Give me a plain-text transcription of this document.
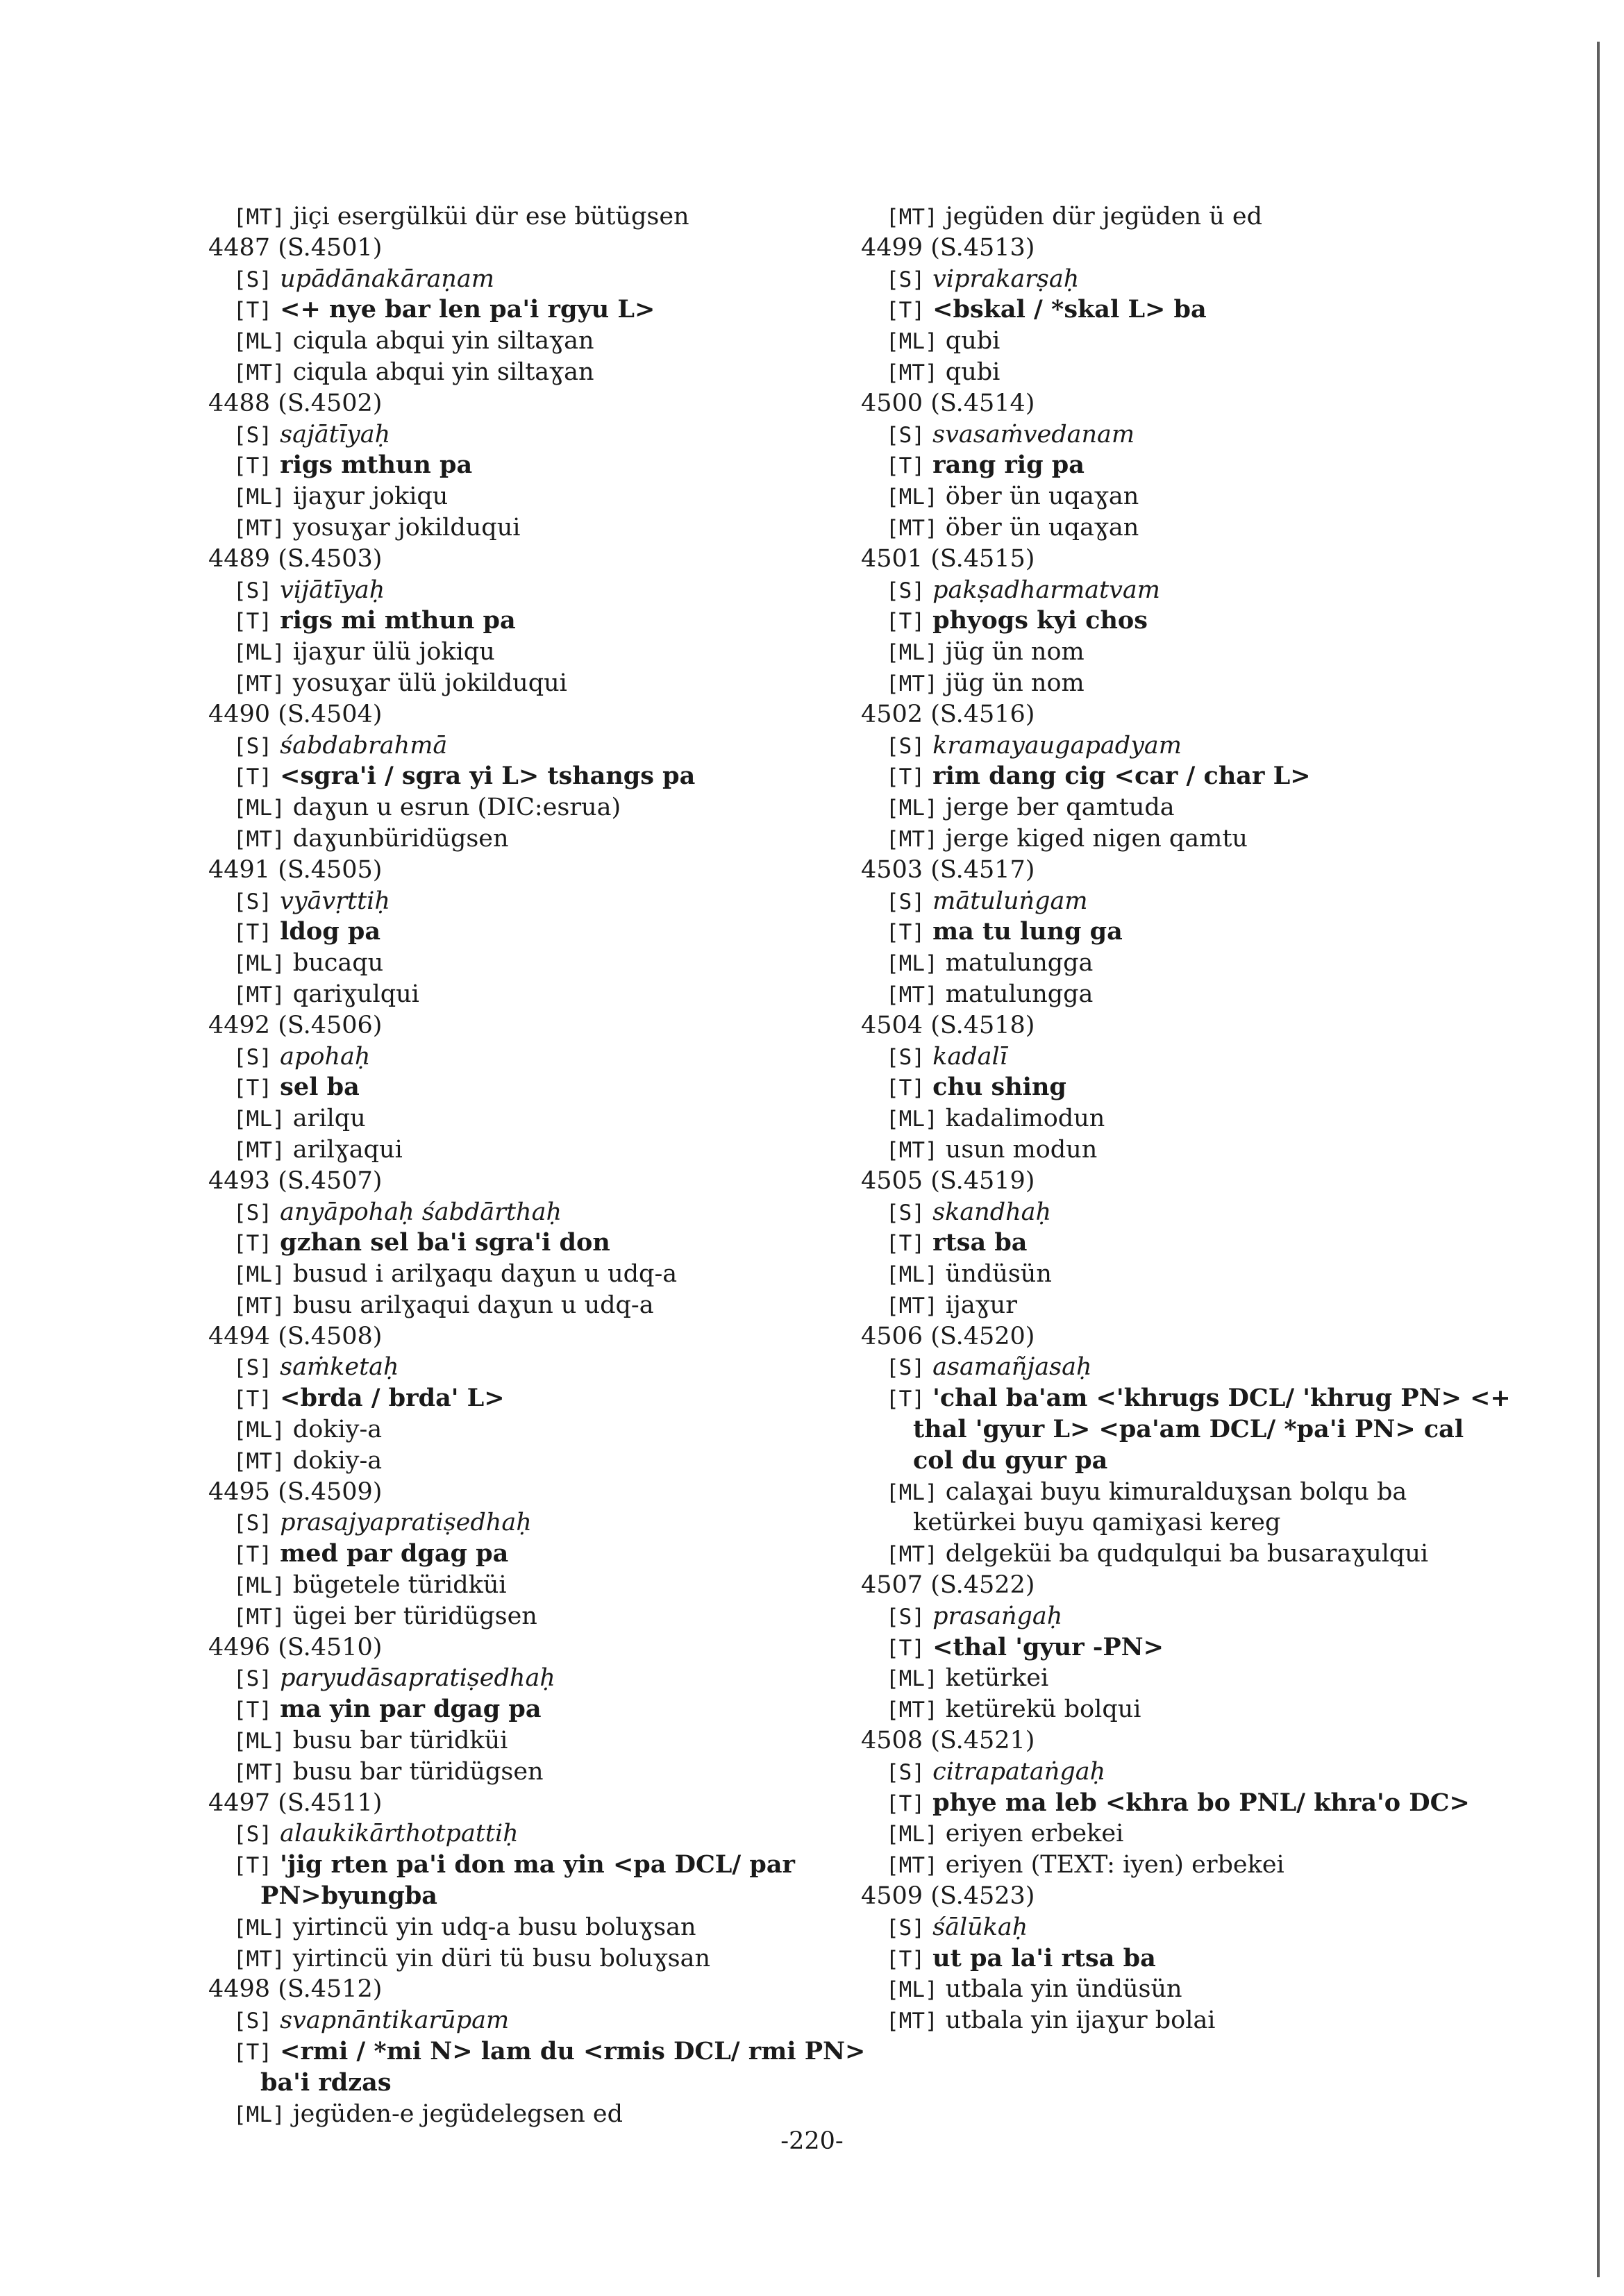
[MT] jiçi esergülküi dür ese bütügsen
4487 (S.4501)
[S] upādānakāraṇam
[T] <+ nye bar len pa'i rgyu L>
[ML] ciqula abqui yin siltaɣan
[MT] ciqula abqui yin siltaɣan
4488 (S.4502)
[S] sajātīyaḥ
[T] rigs mthun pa
[ML] ijaɣur jokiqu
[MT] yosuɣar jokilduqui
4489 (S.4503)
[S] vijātīyaḥ
[T] rigs mi mthun pa
[ML] ijaɣur ülü jokiqu
[MT] yosuɣar ülü jokilduqui
4490 (S.4504)
[S] śabdabrahmā
[T] <sgra'i / sgra yi L> tshangs pa
[ML] daɣun u esrun (DIC:esrua)
[MT] daɣunbüridügsen
4491 (S.4505)
[S] vyāvṛttiḥ
[T] ldog pa
[ML] bucaqu
[MT] qariɣulqui
4492 (S.4506)
[S] apohaḥ
[T] sel ba
[ML] arilqu
[MT] arilɣaqui
4493 (S.4507)
[S] anyāpohaḥ śabdārthaḥ
[T] gzhan sel ba'i sgra'i don
[ML] busud i arilɣaqu daɣun u udq-a
[MT] busu arilɣaqui daɣun u udq-a
4494 (S.4508)
[S] saṁketaḥ
[T] <brda / brda' L>
[ML] dokiy-a
[MT] dokiy-a
4495 (S.4509)
[S] prasajyapratiṣedhaḥ
[T] med par dgag pa
[ML] bügetele türidküi
[MT] ügei ber türidügsen
4496 (S.4510)
[S] paryudāsapratiṣedhaḥ
[T] ma yin par dgag pa
[ML] busu bar türidküi
[MT] busu bar türidügsen
4497 (S.4511)
[S] alaukikārthotpattiḥ
[T] 'jig rten pa'i don ma yin <pa DCL/ par
PN>byungba
[ML] yirtincü yin udq-a busu boluɣsan
[MT] yirtincü yin düri tü busu boluɣsan
4498 (S.4512)
[S] svapnāntikarūpam
[T] <rmi / *mi N> lam du <rmis DCL/ rmi PN>
ba'i rdzas
[ML] jegüden-e jegüdelegsen ed
[MT] jegüden dür jegüden ü ed
4499 (S.4513)
[S] viprakarṣaḥ
[T] <bskal / *skal L> ba
[ML] qubi
[MT] qubi
4500 (S.4514)
[S] svasaṁvedanam
[T] rang rig pa
[ML] öber ün uqaɣan
[MT] öber ün uqaɣan
4501 (S.4515)
[S] pakṣadharmatvam
[T] phyogs kyi chos
[ML] jüg ün nom
[MT] jüg ün nom
4502 (S.4516)
[S] kramayaugapadyam
[T] rim dang cig <car / char L>
[ML] jerge ber qamtuda
[MT] jerge kiged nigen qamtu
4503 (S.4517)
[S] mātuluṅgam
[T] ma tu lung ga
[ML] matulungga
[MT] matulungga
4504 (S.4518)
[S] kadalī
[T] chu shing
[ML] kadalimodun
[MT] usun modun
4505 (S.4519)
[S] skandhaḥ
[T] rtsa ba
[ML] ündüsün
[MT] ijaɣur
4506 (S.4520)
[S] asamañjasaḥ
[T] 'chal ba'am <'khrugs DCL/ 'khrug PN> <+
thal 'gyur L> <pa'am DCL/ *pa'i PN> cal
col du gyur pa
[ML] calaɣai buyu kimuralduɣsan bolqu ba
ketürkei buyu qamiɣasi kereg
[MT] delgeküi ba qudqulqui ba busaraɣulqui
4507 (S.4522)
[S] prasaṅgaḥ
[T] <thal 'gyur -PN>
[ML] ketürkei
[MT] ketürekü bolqui
4508 (S.4521)
[S] citrapataṅgaḥ
[T] phye ma leb <khra bo PNL/ khra'o DC>
[ML] eriyen erbekei
[MT] eriyen (TEXT: iyen) erbekei
4509 (S.4523)
[S] śālūkaḥ
[T] ut pa la'i rtsa ba
[ML] utbala yin ündüsün
[MT] utbala yin ijaɣur bolai
-220-
